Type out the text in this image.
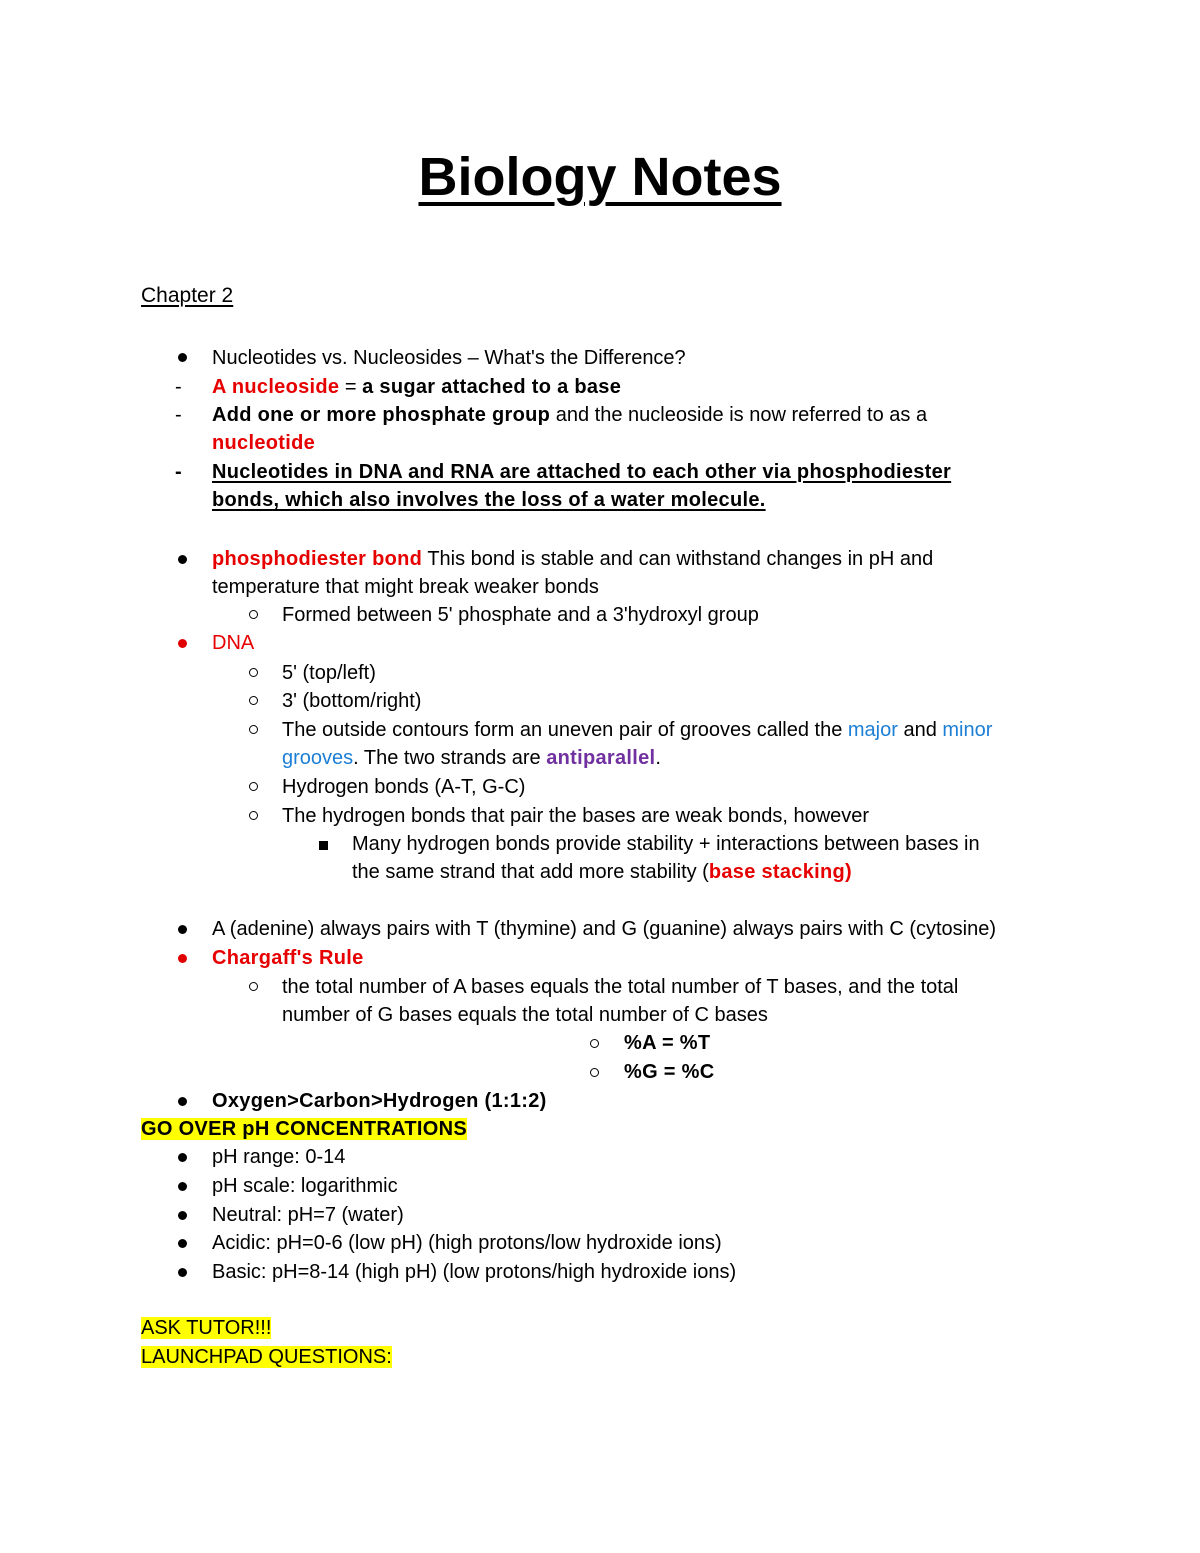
Biology Notes
Chapter 2
Nucleotides vs. Nucleosides – What's the Difference?
- A nucleoside = a sugar attached to a base
- Add one or more phosphate group and the nucleoside is now referred to as a
nucleotide
- Nucleotides in DNA and RNA are attached to each other via phosphodiester
bonds, which also involves the loss of a water molecule.
phosphodiester bond This bond is stable and can withstand changes in pH and
temperature that might break weaker bonds
Formed between 5' phosphate and a 3'hydroxyl group
DNA
5' (top/left)
3' (bottom/right)
The outside contours form an uneven pair of grooves called the major and minor
grooves. The two strands are antiparallel.
Hydrogen bonds (A-T, G-C)
The hydrogen bonds that pair the bases are weak bonds, however
Many hydrogen bonds provide stability + interactions between bases in
the same strand that add more stability (base stacking)
A (adenine) always pairs with T (thymine) and G (guanine) always pairs with C (cytosine)
Chargaff's Rule
the total number of A bases equals the total number of T bases, and the total
number of G bases equals the total number of C bases
%A = %T
%G = %C
Oxygen>Carbon>Hydrogen (1:1:2)
GO OVER pH CONCENTRATIONS
pH range: 0-14
pH scale: logarithmic
Neutral: pH=7 (water)
Acidic: pH=0-6 (low pH) (high protons/low hydroxide ions)
Basic: pH=8-14 (high pH) (low protons/high hydroxide ions)
ASK TUTOR!!!
LAUNCHPAD QUESTIONS:
